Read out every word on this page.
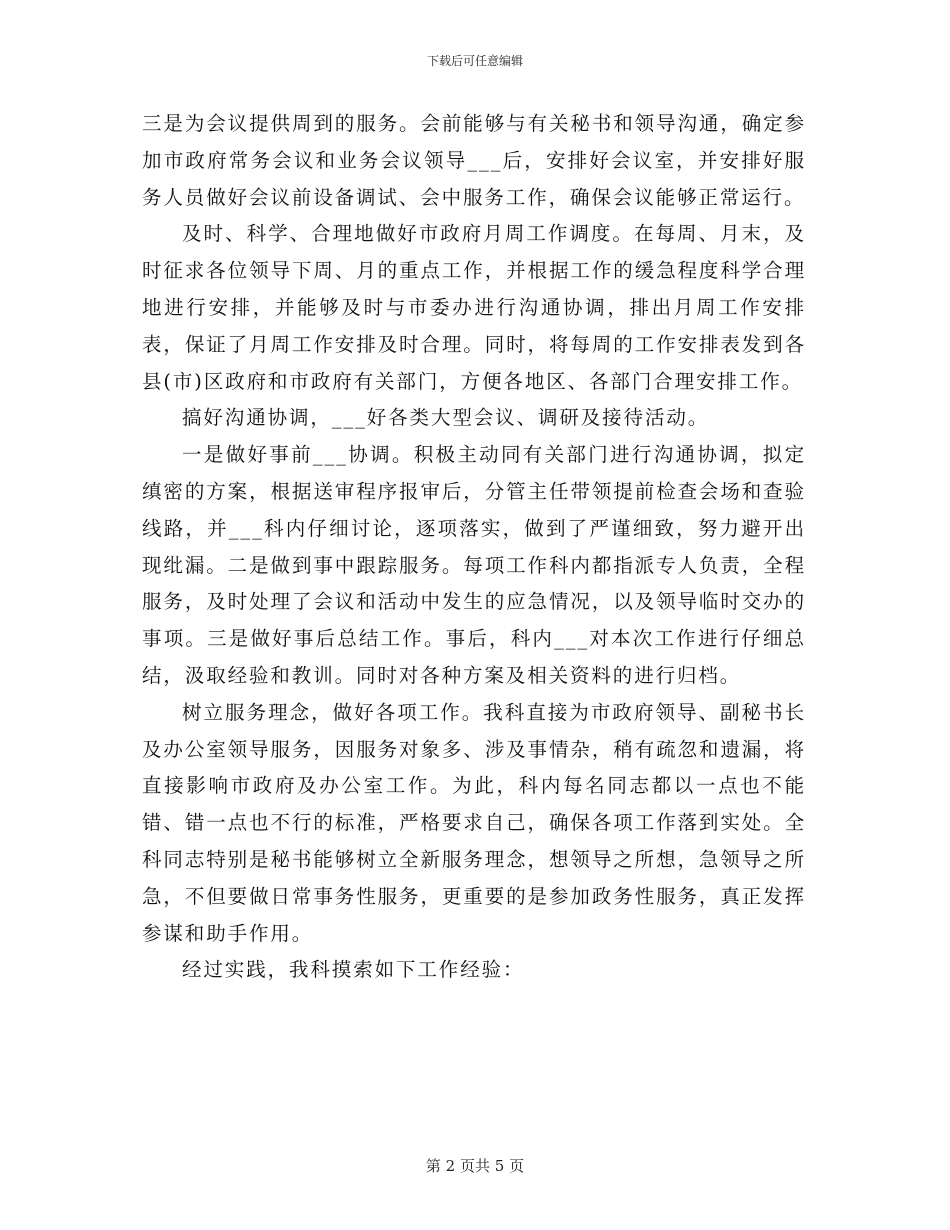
下载后可任意编辑

三是为会议提供周到的服务。会前能够与有关秘书和领导沟通，确定参加市政府常务会议和业务会议领导___后，安排好会议室，并安排好服务人员做好会议前设备调试、会中服务工作，确保会议能够正常运行。

及时、科学、合理地做好市政府月周工作调度。在每周、月末，及时征求各位领导下周、月的重点工作，并根据工作的缓急程度科学合理地进行安排，并能够及时与市委办进行沟通协调，排出月周工作安排表，保证了月周工作安排及时合理。同时，将每周的工作安排表发到各县(市)区政府和市政府有关部门，方便各地区、各部门合理安排工作。

搞好沟通协调，___好各类大型会议、调研及接待活动。

一是做好事前___协调。积极主动同有关部门进行沟通协调，拟定缜密的方案，根据送审程序报审后，分管主任带领提前检查会场和查验线路，并___科内仔细讨论，逐项落实，做到了严谨细致，努力避开出现纰漏。二是做到事中跟踪服务。每项工作科内都指派专人负责，全程服务，及时处理了会议和活动中发生的应急情况，以及领导临时交办的事项。三是做好事后总结工作。事后，科内___对本次工作进行仔细总结，汲取经验和教训。同时对各种方案及相关资料的进行归档。

树立服务理念，做好各项工作。我科直接为市政府领导、副秘书长及办公室领导服务，因服务对象多、涉及事情杂，稍有疏忽和遗漏，将直接影响市政府及办公室工作。为此，科内每名同志都以一点也不能错、错一点也不行的标准，严格要求自己，确保各项工作落到实处。全科同志特别是秘书能够树立全新服务理念，想领导之所想，急领导之所急，不但要做日常事务性服务，更重要的是参加政务性服务，真正发挥参谋和助手作用。

经过实践，我科摸索如下工作经验：

第 2 页共 5 页
